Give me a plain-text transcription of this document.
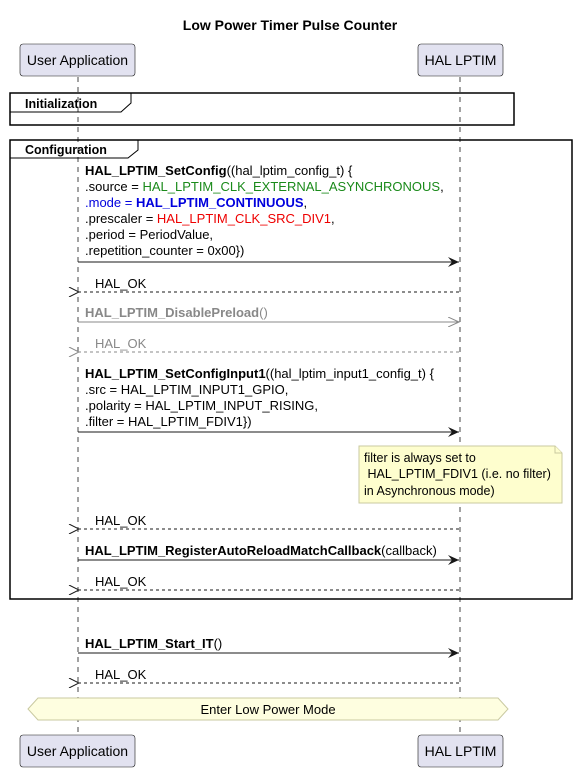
Low Power Timer Pulse Counter
User Application	HAL LPTIM
Initialization
Configuration
HAL_LPTIM_SetConfig((hal_lptim_config_t) { .source = HAL_LPTIM_CLK_EXTERNAL_ASYNCHRONOUS, .mode = HAL_LPTIM_CONTINUOUS, .prescaler = HAL_LPTIM_CLK_SRC_DIV1, .period = PeriodValue, .repetition_counter = 0x00})
HAL_OK
HAL_LPTIM_DisablePreload()
HAL_OK
HAL_LPTIM_SetConfigInput1((hal_lptim_input1_config_t) { .src = HAL_LPTIM_INPUT1_GPIO, .polarity = HAL_LPTIM_INPUT_RISING, .filter = HAL_LPTIM_FDIV1})
filter is always set to
HAL_LPTIM_FDIV1 (i.e. no filter)
in Asynchronous mode)
HAL_OK
HAL_LPTIM_RegisterAutoReloadMatchCallback(callback)
HAL_OK
HAL_LPTIM_Start_IT()
HAL_OK
Enter Low Power Mode
User Application	HAL LPTIM
